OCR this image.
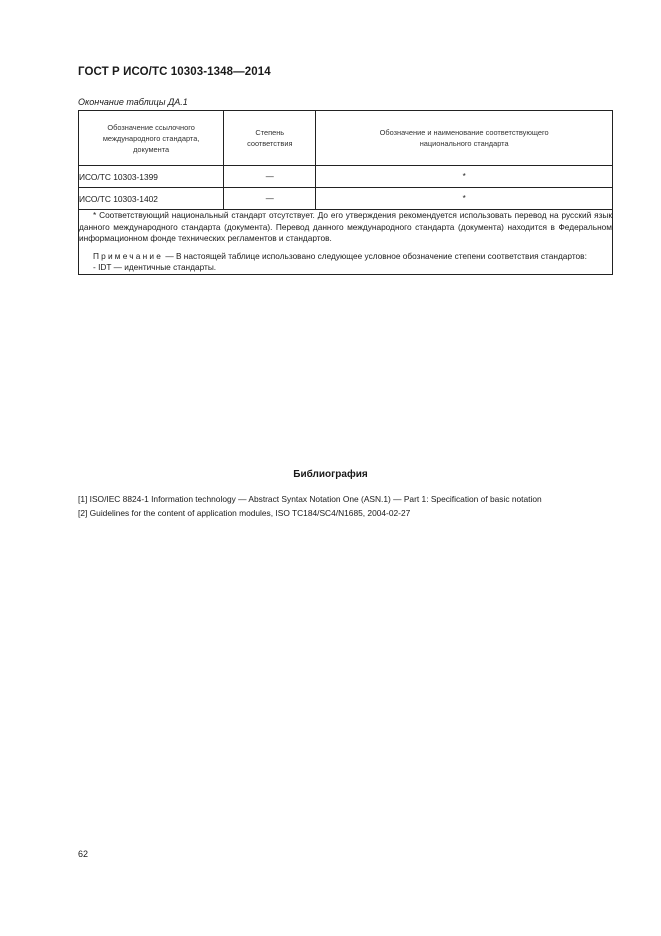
ГОСТ Р ИСО/ТС 10303-1348—2014
Окончание таблицы ДА.1
Обозначение ссылочного международного стандарта, документа	Степень соответствия	Обозначение и наименование соответствующего национального стандарта

ИСО/ТС 10303-1399	—	*
ИСО/ТС 10303-1402	—	*

* Соответствующий национальный стандарт отсутствует. До его утверждения рекомендуется использовать перевод на русский язык данного международного стандарта (документа). Перевод данного международного стандарта (документа) находится в Федеральном информационном фонде технических регламентов и стандартов.

Примечание — В настоящей таблице использовано следующее условное обозначение степени соответствия стандартов:

- IDT — идентичные стандарты.		

Библиография
[1] ISO/IEC 8824-1 Information technology — Abstract Syntax Notation One (ASN.1) — Part 1: Specification of basic notation
[2] Guidelines for the content of application modules, ISO TC184/SC4/N1685, 2004-02-27
62
